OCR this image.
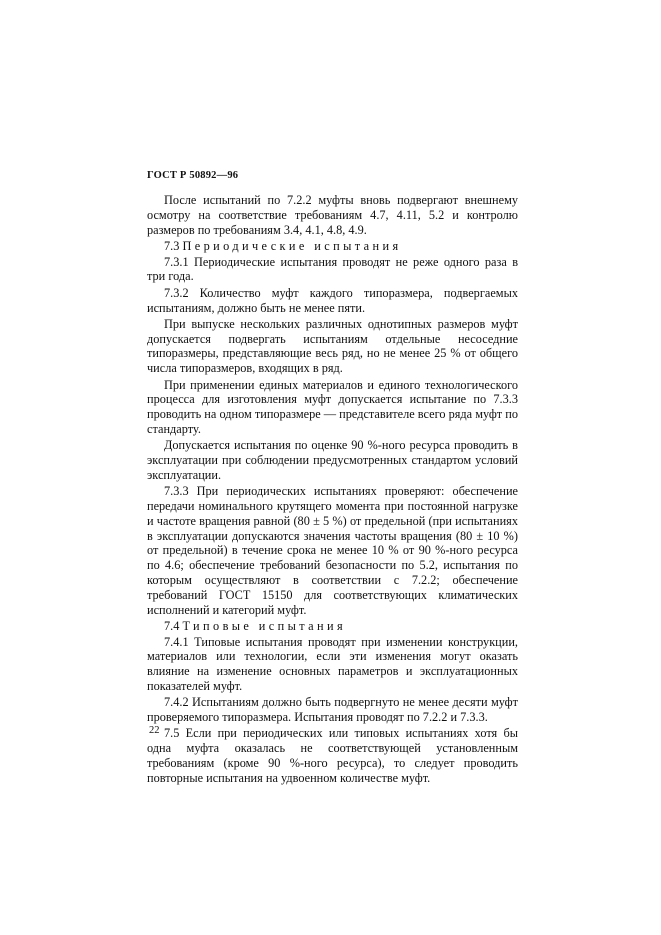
ГОСТ Р 50892—96

После испытаний по 7.2.2 муфты вновь подвергают внешнему осмотру на соответствие требованиям 4.7, 4.11, 5.2 и контролю размеров по требованиям 3.4, 4.1, 4.8, 4.9.

7.3 Периодические испытания

7.3.1 Периодические испытания проводят не реже одного раза в три года.

7.3.2 Количество муфт каждого типоразмера, подвергаемых испытаниям, должно быть не менее пяти.

При выпуске нескольких различных однотипных размеров муфт допускается подвергать испытаниям отдельные несоседние типоразмеры, представляющие весь ряд, но не менее 25 % от общего числа типоразмеров, входящих в ряд.

При применении единых материалов и единого технологического процесса для изготовления муфт допускается испытание по 7.3.3 проводить на одном типоразмере — представителе всего ряда муфт по стандарту.

Допускается испытания по оценке 90 %-ного ресурса проводить в эксплуатации при соблюдении предусмотренных стандартом условий эксплуатации.

7.3.3 При периодических испытаниях проверяют: обеспечение передачи номинального крутящего момента при постоянной нагрузке и частоте вращения равной (80 ± 5 %) от предельной (при испытаниях в эксплуатации допускаются значения частоты вращения (80 ± 10 %) от предельной) в течение срока не менее 10 % от 90 %-ного ресурса по 4.6; обеспечение требований безопасности по 5.2, испытания по которым осуществляют в соответствии с 7.2.2; обеспечение требований ГОСТ 15150 для соответствующих климатических исполнений и категорий муфт.

7.4 Типовые испытания

7.4.1 Типовые испытания проводят при изменении конструкции, материалов или технологии, если эти изменения могут оказать влияние на изменение основных параметров и эксплуатационных показателей муфт.

7.4.2 Испытаниям должно быть подвергнуто не менее десяти муфт проверяемого типоразмера. Испытания проводят по 7.2.2 и 7.3.3.

7.5 Если при периодических или типовых испытаниях хотя бы одна муфта оказалась не соответствующей установленным требованиям (кроме 90 %-ного ресурса), то следует проводить повторные испытания на удвоенном количестве муфт.

22
